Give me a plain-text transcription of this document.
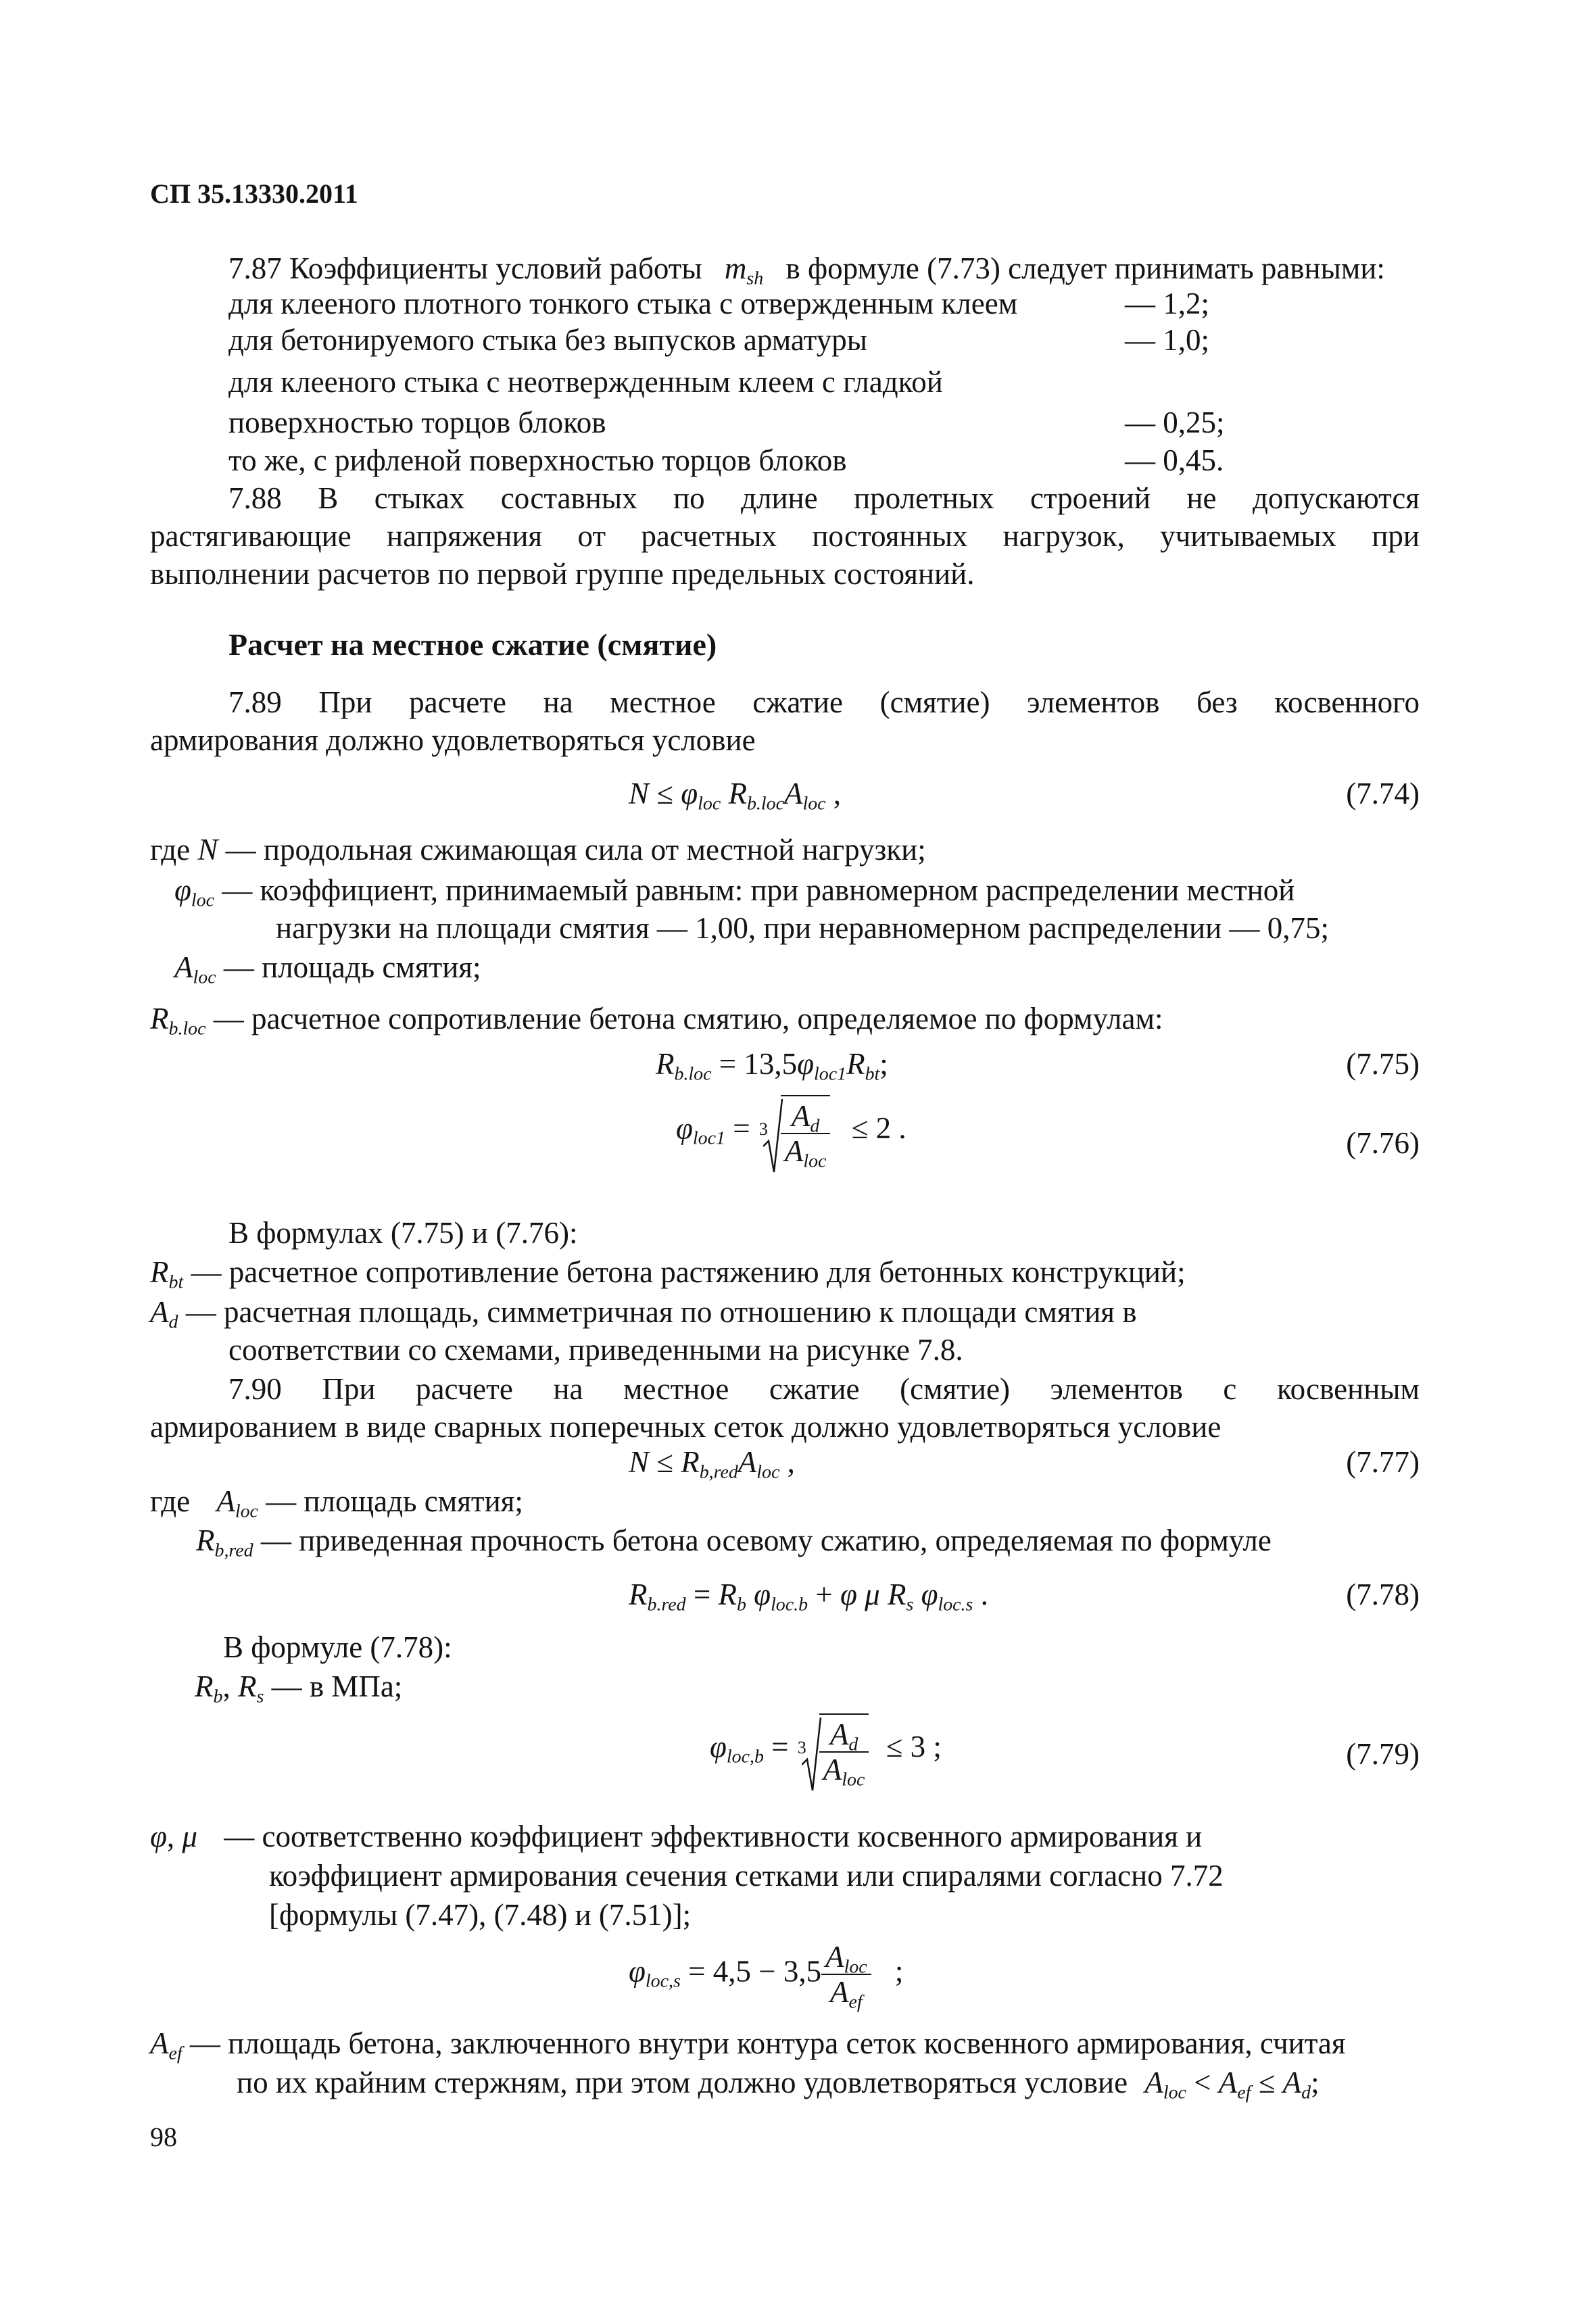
СП 35.13330.2011
7.87 Коэффициенты условий работы $m_{sh}$ в формуле (7.73) следует принимать равными:
для клееного плотного тонкого стыка с отвержденным клеем	— 1,2;
для бетонируемого стыка без выпусков арматуры	— 1,0;
для клееного стыка с неотвержденным клеем с гладкой
поверхностью торцов блоков	— 0,25;
то же, с рифленой поверхностью торцов блоков	— 0,45.
7.88 В стыках составных по длине пролетных строений не допускаются
растягивающие напряжения от расчетных постоянных нагрузок, учитываемых при
выполнении расчетов по первой группе предельных состояний.
Расчет на местное сжатие (смятие)
7.89 При расчете на местное сжатие (смятие) элементов без косвенного
армирования должно удовлетворяться условие
$N \le \varphi_{loc}$ $R_{b.loc}A_{loc}$ ,	(7.74)
где N — продольная сжимающая сила от местной нагрузки;
$\varphi_{loc}$ — коэффициент, принимаемый равным: при равномерном распределении местной
нагрузки на площади смятия — 1,00, при неравномерном распределении — 0,75;
$A_{loc}$ — площадь смятия;
$R_{b.loc}$ — расчетное сопротивление бетона смятию, определяемое по формулам:
$R_{b.loc} = 13,5\varphi_{loc1}R_{bt}$;	(7.75)
$\varphi_{loc1} = 3 \frac{A_d}{A_{loc}} \le 2$ .	(7.76)
В формулах (7.75) и (7.76):
$R_{bt}$ — расчетное сопротивление бетона растяжению для бетонных конструкций;
$A_d$ — расчетная площадь, симметричная по отношению к площади смятия в
соответствии со схемами, приведенными на рисунке 7.8.
7.90 При расчете на местное сжатие (смятие) элементов с косвенным
армированием в виде сварных поперечных сеток должно удовлетворяться условие
$N \le R_{b,red}A_{loc}$ ,	(7.77)
где $A_{loc}$ — площадь смятия;
$R_{b,red}$ — приведенная прочность бетона осевому сжатию, определяемая по формуле
$R_{b.red} = R_b$ $\varphi_{loc.b} + \varphi$ μ $R_s$ $\varphi_{loc.s}$ .	(7.78)
В формуле (7.78):
$R_b$, $R_s$ — в МПа;
$\varphi_{loc,b} = 3 \frac{A_d}{A_{loc}} \le 3$ ;	(7.79)
φ, μ — соответственно коэффициент эффективности косвенного армирования и
коэффициент армирования сечения сетками или спиралями согласно 7.72
[формулы (7.47), (7.48) и (7.51)];
$\varphi_{loc,s} = 4,5 - 3,5 \frac{A_{loc}}{A_{ef}}$ ;
$A_{ef}$ — площадь бетона, заключенного внутри контура сеток косвенного армирования, считая
по их крайним стержням, при этом должно удовлетворяться условие $A_{loc} < A_{ef} \le A_d$;
98
